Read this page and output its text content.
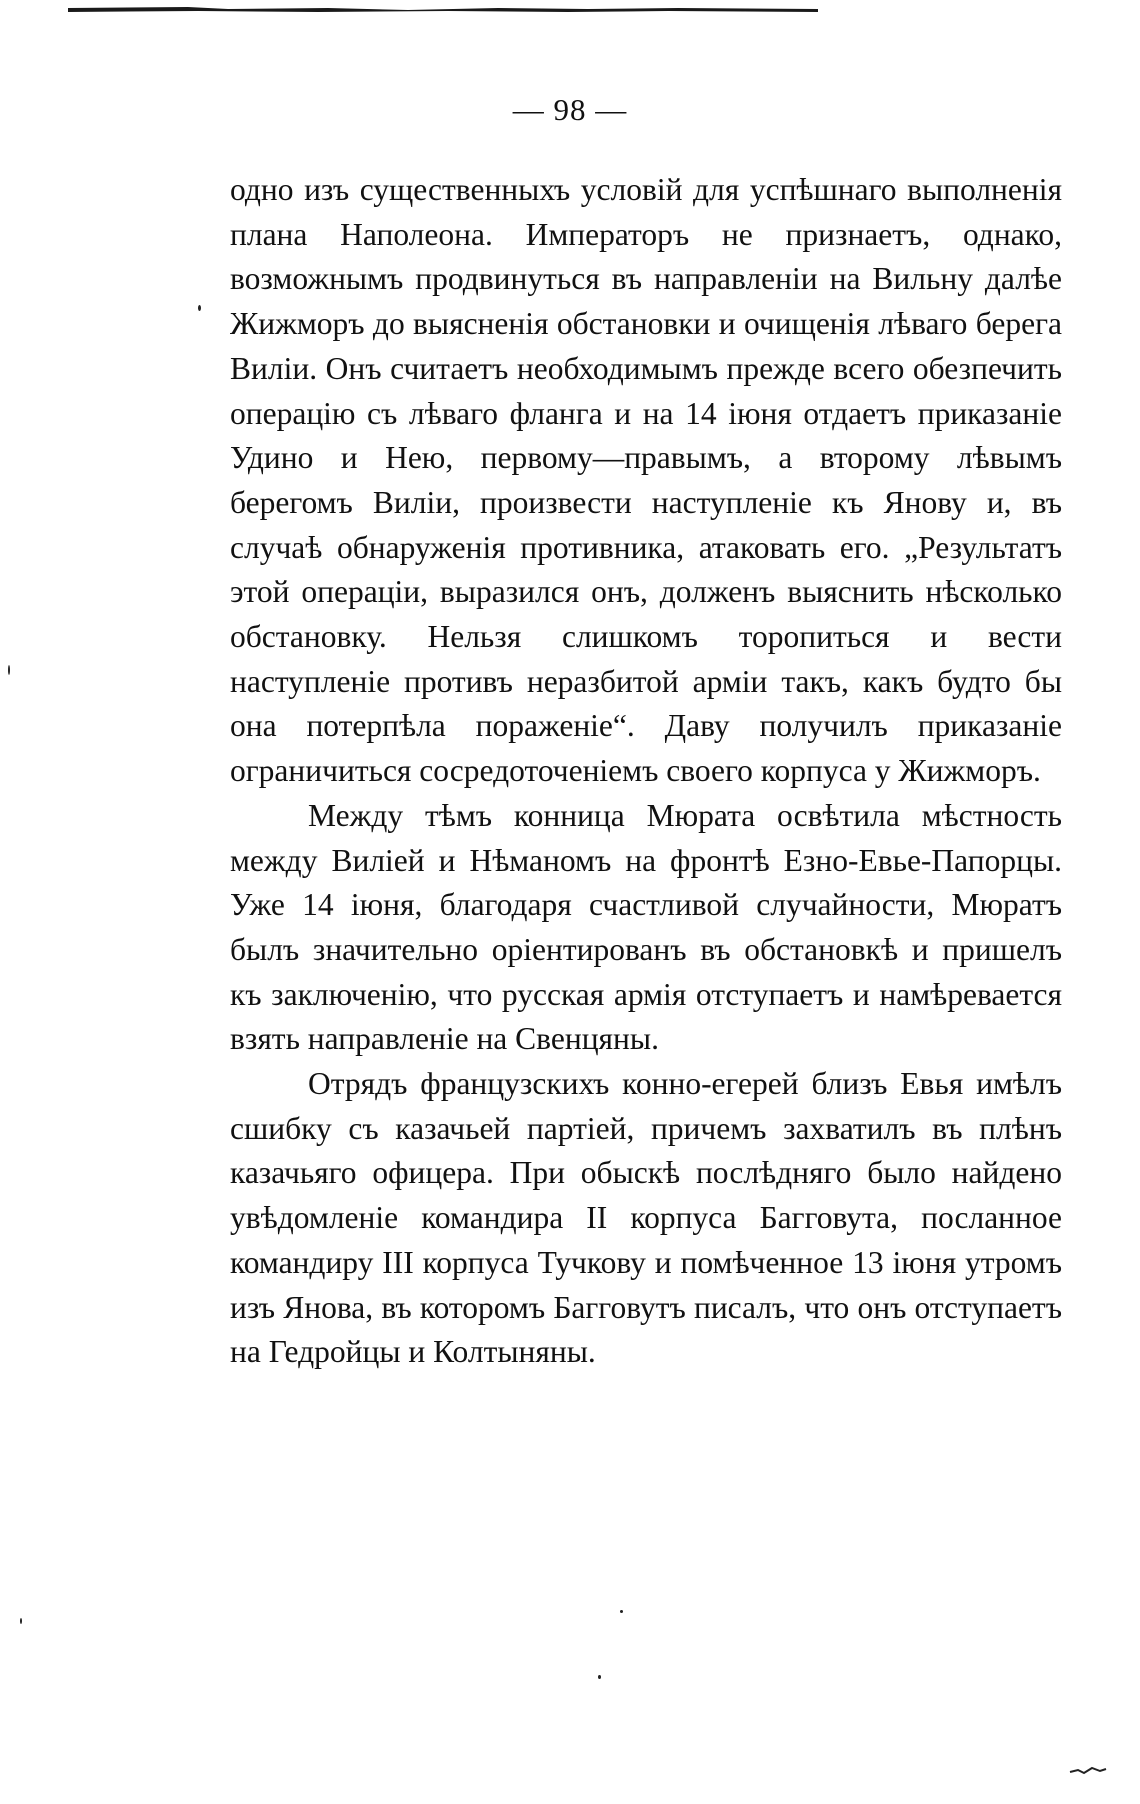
— 98 —

одно изъ существенныхъ условій для успѣшнаго выполненія плана Наполеона. Императоръ не признаетъ, однако, возможнымъ продвинуться въ направленіи на Вильну далѣе Жижморъ до выясненія обстановки и очищенія лѣваго берега Виліи. Онъ считаетъ необходимымъ прежде всего обезпечить операцію съ лѣваго фланга и на 14 іюня отдаетъ приказаніе Удино и Нею, первому—правымъ, а второму лѣвымъ берегомъ Виліи, произвести наступленіе къ Янову и, въ случаѣ обнаруженія противника, атаковать его. „Результатъ этой операціи, выразился онъ, долженъ выяснить нѣсколько обстановку. Нельзя слишкомъ торопиться и вести наступленіе противъ неразбитой арміи такъ, какъ будто бы она потерпѣла пораженіе“. Даву получилъ приказаніе ограничиться сосредоточеніемъ своего корпуса у Жижморъ.

Между тѣмъ конница Мюрата освѣтила мѣстность между Виліей и Нѣманомъ на фронтѣ Езно-Евье-Папорцы. Уже 14 іюня, благодаря счастливой случайности, Мюратъ былъ значительно оріентированъ въ обстановкѣ и пришелъ къ заключенію, что русская армія отступаетъ и намѣревается взять направленіе на Свенцяны.

Отрядъ французскихъ конно-егерей близъ Евья имѣлъ сшибку съ казачьей партіей, причемъ захватилъ въ плѣнъ казачьяго офицера. При обыскѣ послѣдняго было найдено увѣдомленіе командира II корпуса Багговута, посланное командиру III корпуса Тучкову и помѣченное 13 іюня утромъ изъ Янова, въ которомъ Багговутъ писалъ, что онъ отступаетъ на Гедройцы и Колтыняны.
